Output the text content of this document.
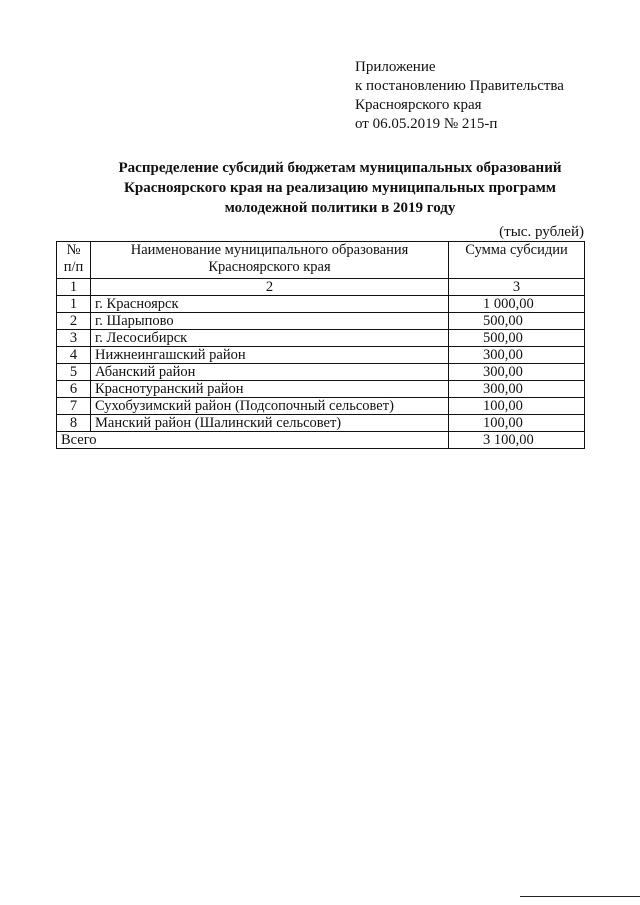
Приложение
к постановлению Правительства
Красноярского края
от 06.05.2019 № 215-п
Распределение субсидий бюджетам муниципальных образований
Красноярского края на реализацию муниципальных программ
молодежной политики в 2019 году
(тыс. рублей)
№ п/п	Наименование муниципального образования Красноярского края	Сумма субсидии
1	2	3
1	г. Красноярск	1 000,00
2	г. Шарыпово	500,00
3	г. Лесосибирск	500,00
4	Нижнеингашский район	300,00
5	Абанский район	300,00
6	Краснотуранский район	300,00
7	Сухобузимский район (Подсопочный сельсовет)	100,00
8	Манский район (Шалинский сельсовет)	100,00
Всего		3 100,00
